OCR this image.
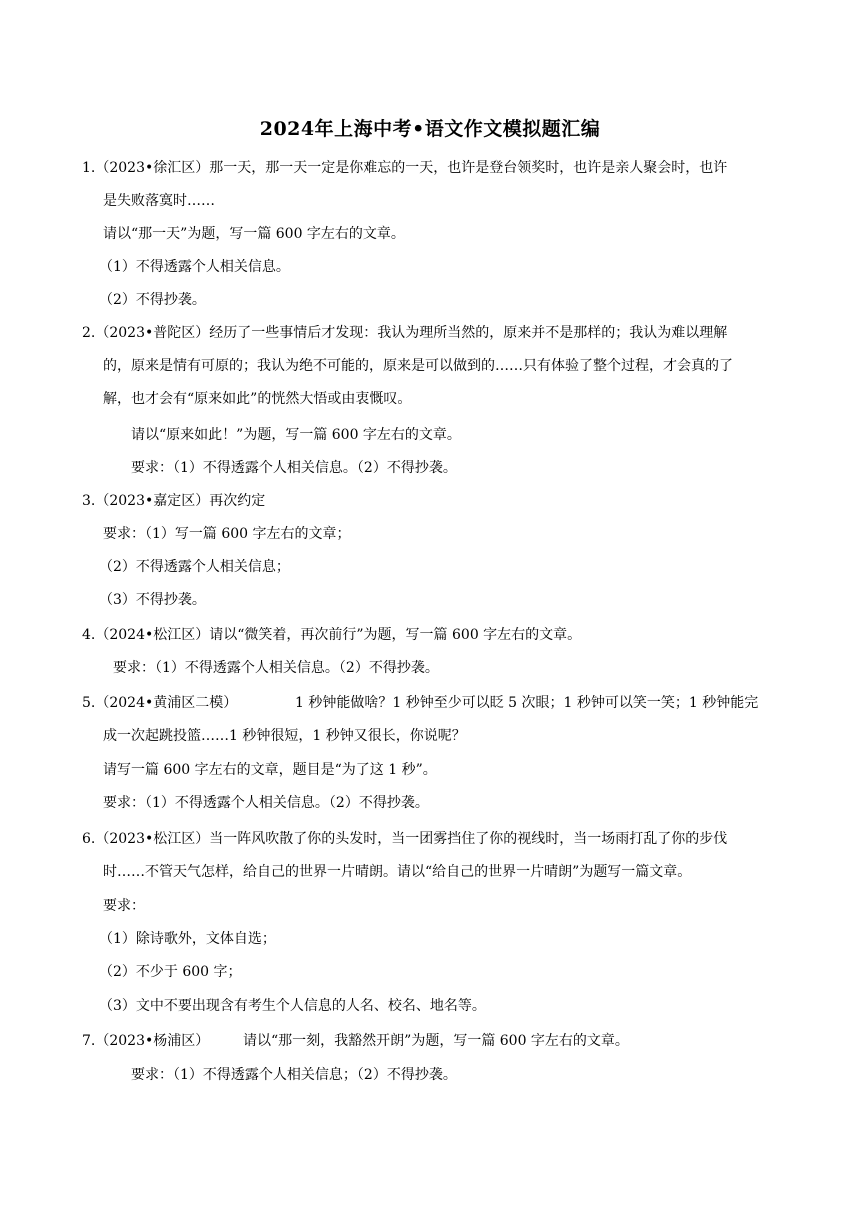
2024年上海中考•语文作文模拟题汇编
1.（2023•徐汇区）那一天，那一天一定是你难忘的一天，也许是登台领奖时，也许是亲人聚会时，也许
是失败落寞时……
请以“那一天”为题，写一篇 600 字左右的文章。
（1）不得透露个人相关信息。
（2）不得抄袭。
2.（2023•普陀区）经历了一些事情后才发现：我认为理所当然的，原来并不是那样的；我认为难以理解
的，原来是情有可原的；我认为绝不可能的，原来是可以做到的……只有体验了整个过程，才会真的了
解，也才会有“原来如此”的恍然大悟或由衷慨叹。
请以“原来如此！”为题，写一篇 600 字左右的文章。
要求：（1）不得透露个人相关信息。（2）不得抄袭。
3.（2023•嘉定区）再次约定
要求：（1）写一篇 600 字左右的文章；
（2）不得透露个人相关信息；
（3）不得抄袭。
4.（2024•松江区）请以“微笑着，再次前行”为题，写一篇 600 字左右的文章。
要求：（1）不得透露个人相关信息。（2）不得抄袭。
5.（2024•黄浦区二模）	1 秒钟能做啥？1 秒钟至少可以眨 5 次眼；1 秒钟可以笑一笑；1 秒钟能完
成一次起跳投篮……1 秒钟很短，1 秒钟又很长，你说呢？
请写一篇 600 字左右的文章，题目是“为了这 1 秒”。
要求：（1）不得透露个人相关信息。（2）不得抄袭。
6.（2023•松江区）当一阵风吹散了你的头发时，当一团雾挡住了你的视线时，当一场雨打乱了你的步伐
时……不管天气怎样，给自己的世界一片晴朗。请以“给自己的世界一片晴朗”为题写一篇文章。
要求：
（1）除诗歌外，文体自选；
（2）不少于 600 字；
（3）文中不要出现含有考生个人信息的人名、校名、地名等。
7.（2023•杨浦区） 请以“那一刻，我豁然开朗”为题，写一篇 600 字左右的文章。
要求：（1）不得透露个人相关信息；（2）不得抄袭。
